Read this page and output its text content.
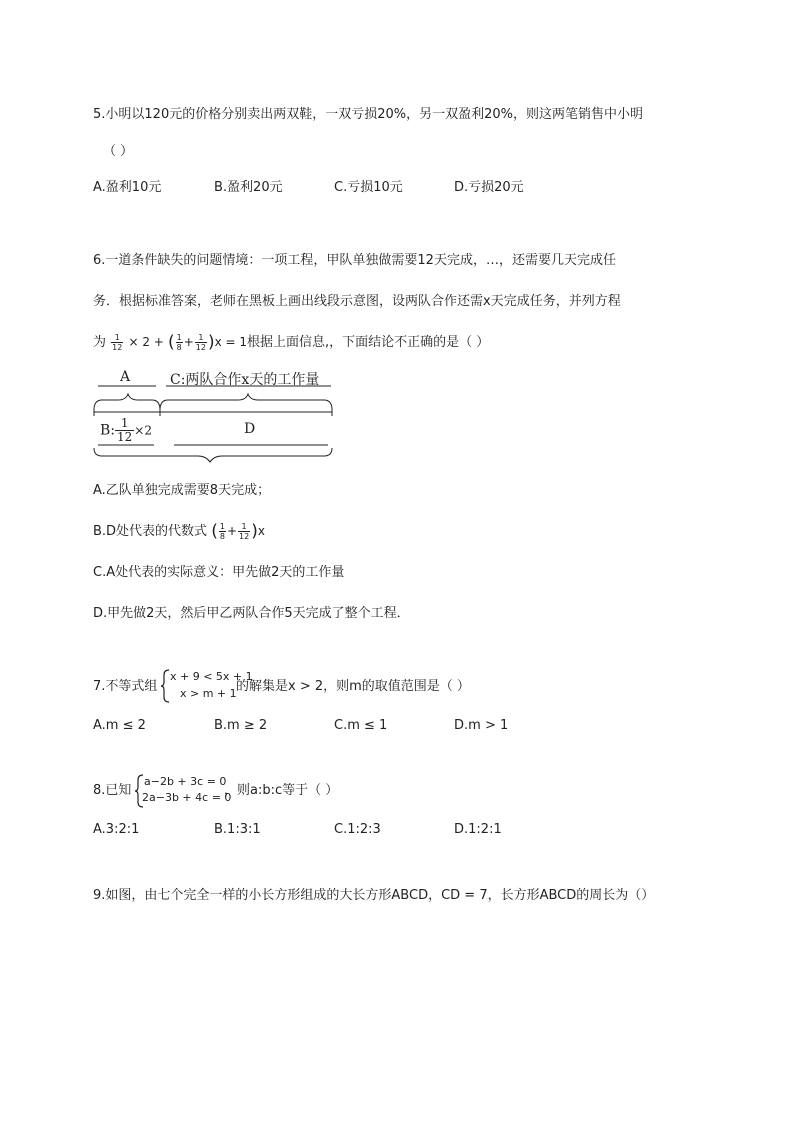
5.小明以120元的价格分别卖出两双鞋，一双亏损20%，另一双盈利20%，则这两笔销售中小明
（ ）
A.盈利10元	B.盈利20元	C.亏损10元	D.亏损20元
6.一道条件缺失的问题情境：一项工程，甲队单独做需要12天完成，…，还需要几天完成任
务．根据标准答案，老师在黑板上画出线段示意图，设两队合作还需x天完成任务，并列方程
为 $\frac{1}{12} \times 2$ + ( $\frac{1}{8} + \frac{1}{12} )x = 1$根据上面信息,，下面结论不正确的是（ ）
A	C:两队合作x天的工作量
B: $\frac{1}{12} \times 2$	D
A.乙队单独完成需要8天完成；
B.D处代表的代数式 ( $\frac{1}{8} + \frac{1}{12} )x$
C.A处代表的实际意义：甲先做2天的工作量
D.甲先做2天，然后甲乙两队合作5天完成了整个工程．
7.不等式组
x + 9 < 5x + 1
x > m + 1 的解集是x > 2，则m的取值范围是（ ）
A.m ≤ 2	B.m ≥ 2	C.m ≤ 1	D.m > 1
8.已知
a−2b + 3c = 0
2a−3b + 4c = 0
，则a:b:c等于（ ）
A.3:2:1	B.1:3:1	C.1:2:3	D.1:2:1
9.如图，由七个完全一样的小长方形组成的大长方形ABCD，CD = 7，长方形ABCD的周长为（）
